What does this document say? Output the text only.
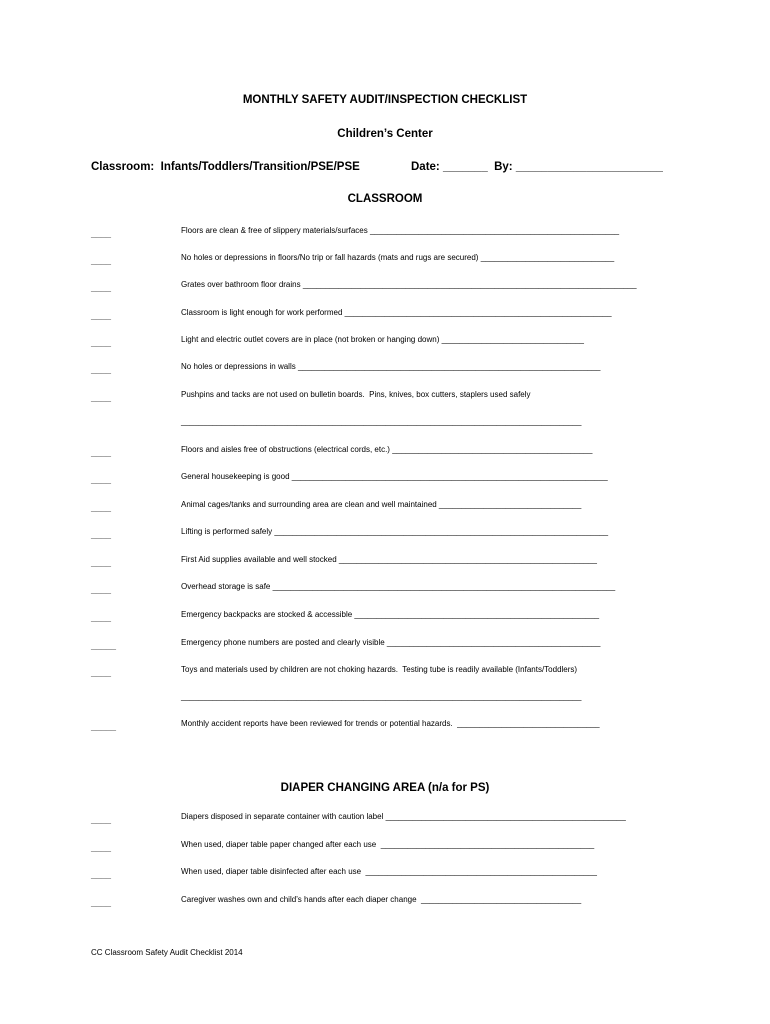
MONTHLY SAFETY AUDIT/INSPECTION CHECKLIST
Children’s Center
Classroom:  Infants/Toddlers/Transition/PSE/PSE	Date: _______  By: _______________________
CLASSROOM
____	Floors are clean & free of slippery materials/surfaces ________________________________________________________
____	No holes or depressions in floors/No trip or fall hazards (mats and rugs are secured) ______________________________
____	Grates over bathroom floor drains ___________________________________________________________________________
____	Classroom is light enough for work performed ____________________________________________________________
____	Light and electric outlet covers are in place (not broken or hanging down) ________________________________
____	No holes or depressions in walls ____________________________________________________________________
____	Pushpins and tacks are not used on bulletin boards.  Pins, knives, box cutters, staplers used safely
__________________________________________________________________________________________
____	Floors and aisles free of obstructions (electrical cords, etc.) _____________________________________________
____	General housekeeping is good _______________________________________________________________________
____	Animal cages/tanks and surrounding area are clean and well maintained ________________________________
____	Lifting is performed safely ___________________________________________________________________________
____	First Aid supplies available and well stocked __________________________________________________________
____	Overhead storage is safe _____________________________________________________________________________
____	Emergency backpacks are stocked & accessible _______________________________________________________
_____	Emergency phone numbers are posted and clearly visible ________________________________________________
____	Toys and materials used by children are not choking hazards.  Testing tube is readily available (Infants/Toddlers)
__________________________________________________________________________________________
_____	Monthly accident reports have been reviewed for trends or potential hazards.  ________________________________
DIAPER CHANGING AREA (n/a for PS)
____	Diapers disposed in separate container with caution label ______________________________________________________
____	When used, diaper table paper changed after each use  ________________________________________________
____	When used, diaper table disinfected after each use  ____________________________________________________
____	Caregiver washes own and child’s hands after each diaper change  ____________________________________
CC Classroom Safety Audit Checklist 2014
